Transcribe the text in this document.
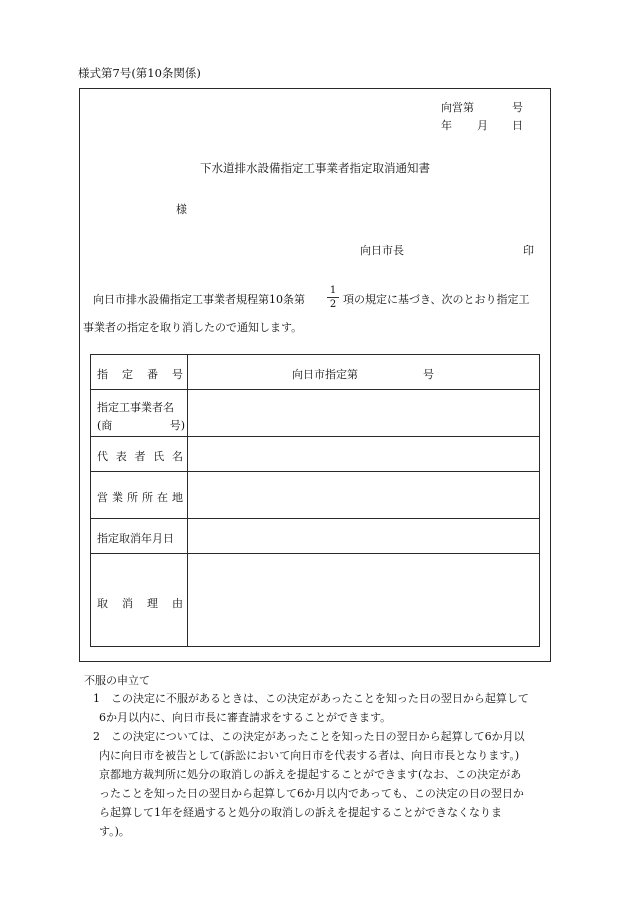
様式第7号(第10条関係)
向営第	号
年 月 日
下水道排水設備指定工事業者指定取消通知書
様
向日市長	印
向日市排水設備指定工事業者規程第10条第
1
2 項の規定に基づき、次のとおり指定工
事業者の指定を取り消したので通知します。
指 定 番 号	向日市指定第	号
指定工事業者名
(商	号)
代 表 者 氏 名
営 業 所 所 在 地
指定取消年月日
取 消 理 由
不服の申立て
1　この決定に不服があるときは、この決定があったことを知った日の翌日から起算して
6か月以内に、向日市長に審査請求をすることができます。
2　この決定については、この決定があったことを知った日の翌日から起算して6か月以
内に向日市を被告として(訴訟において向日市を代表する者は、向日市長となります。)
京都地方裁判所に処分の取消しの訴えを提起することができます(なお、この決定があ
ったことを知った日の翌日から起算して6か月以内であっても、この決定の日の翌日か
ら起算して1年を経過すると処分の取消しの訴えを提起することができなくなりま
す。)。
